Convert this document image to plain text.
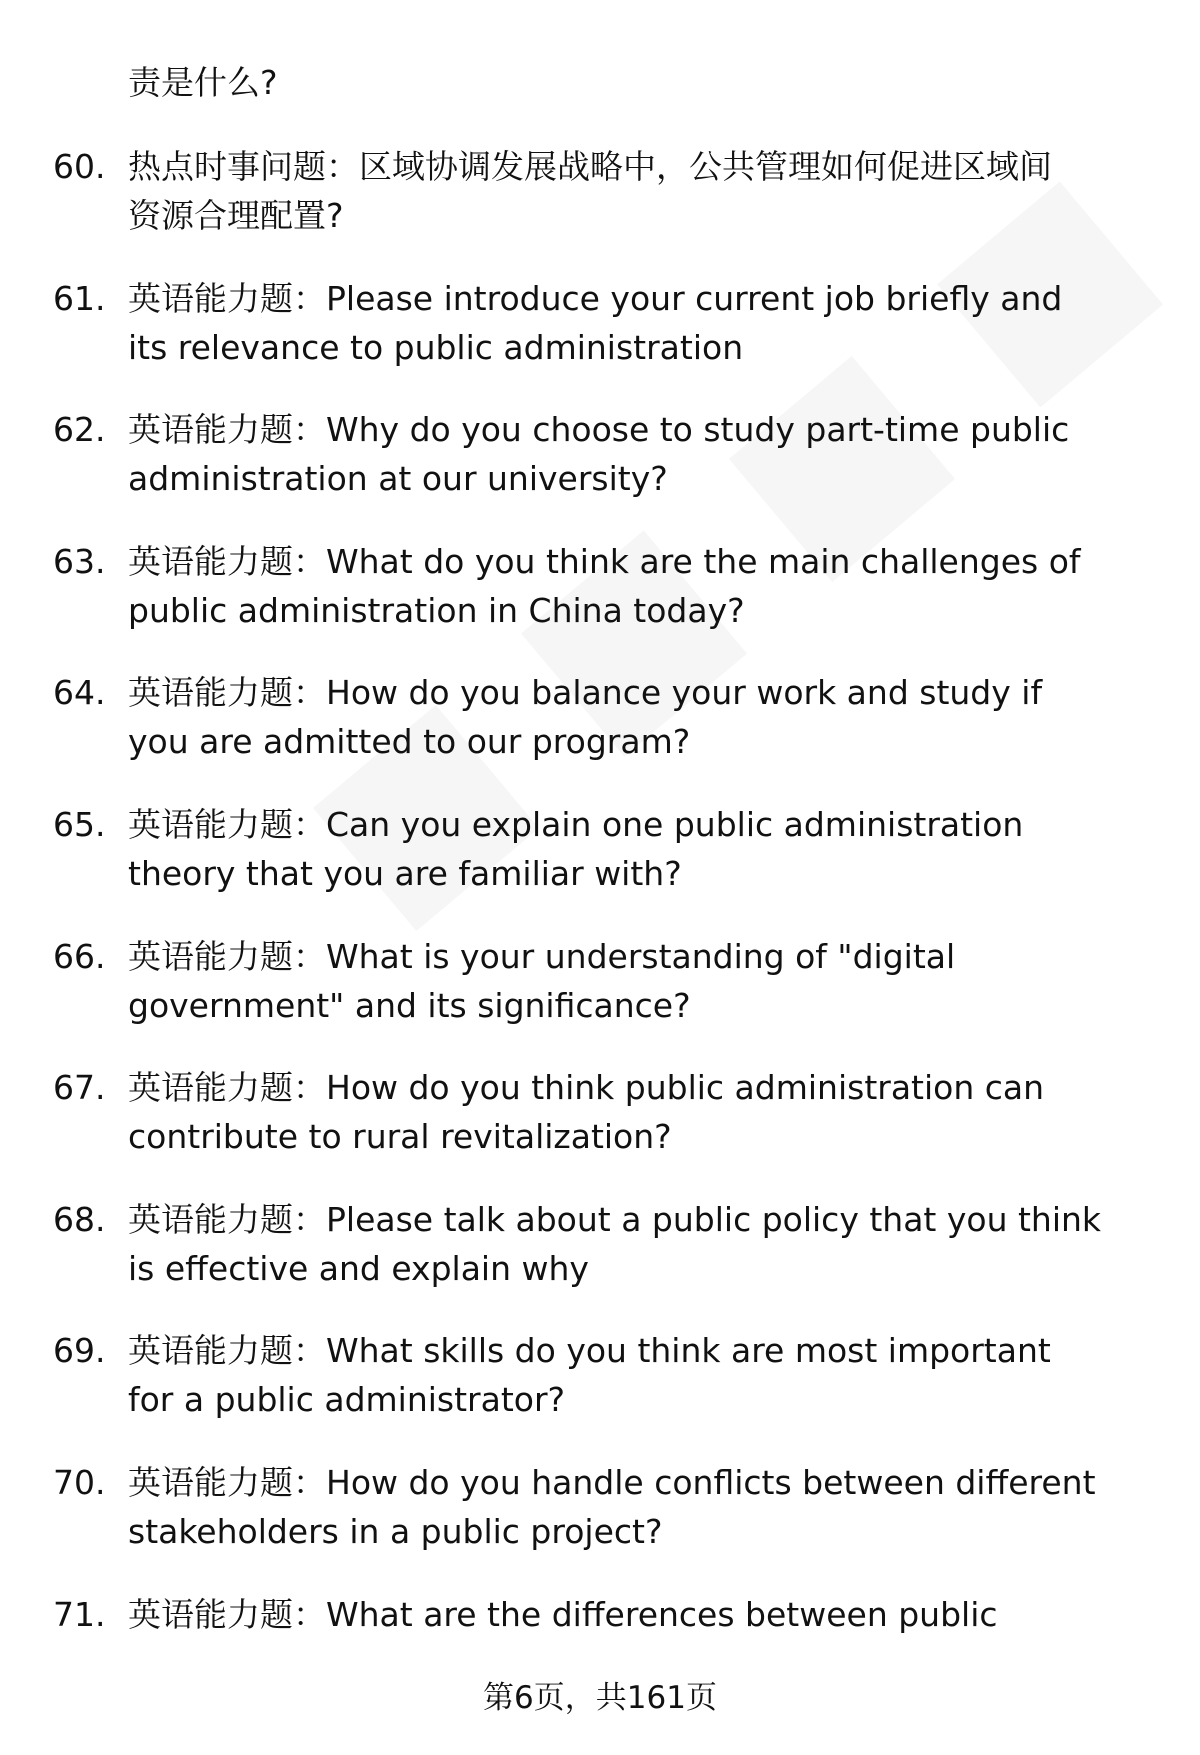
责是什么?
60. 热点时事问题：区域协调发展战略中，公共管理如何促进区域间
资源合理配置?
61. 英语能力题：Please introduce your current job briefly and
its relevance to public administration
62. 英语能力题：Why do you choose to study part-time public
administration at our university?
63. 英语能力题：What do you think are the main challenges of
public administration in China today?
64. 英语能力题：How do you balance your work and study if
you are admitted to our program?
65. 英语能力题：Can you explain one public administration
theory that you are familiar with?
66. 英语能力题：What is your understanding of "digital
government" and its significance?
67. 英语能力题：How do you think public administration can
contribute to rural revitalization?
68. 英语能力题：Please talk about a public policy that you think
is effective and explain why
69. 英语能力题：What skills do you think are most important
for a public administrator?
70. 英语能力题：How do you handle conflicts between different
stakeholders in a public project?
71. 英语能力题：What are the differences between public
第6页，共161页
